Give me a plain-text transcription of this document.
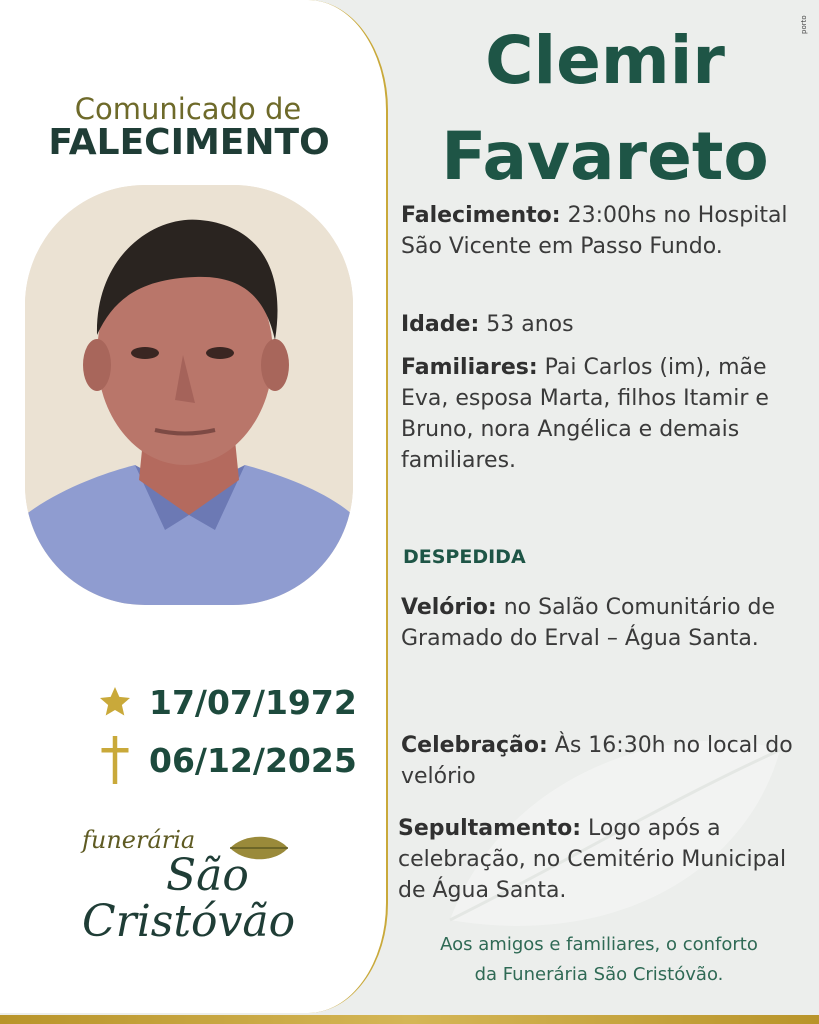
porto
Comunicado de
FALECIMENTO
17/07/1972
06/12/2025
funerária
São
Cristóvão
Clemir
Favareto
Falecimento: 23:00hs no Hospital São Vicente em Passo Fundo.
Idade: 53 anos
Familiares: Pai Carlos (im), mãe Eva, esposa Marta, filhos Itamir e Bruno, nora Angélica e demais familiares.
DESPEDIDA
Velório: no Salão Comunitário de Gramado do Erval – Água Santa.
Celebração: Às 16:30h no local do velório
Sepultamento: Logo após a celebração, no Cemitério Municipal de Água Santa.
Aos amigos e familiares, o conforto
da Funerária São Cristóvão.
